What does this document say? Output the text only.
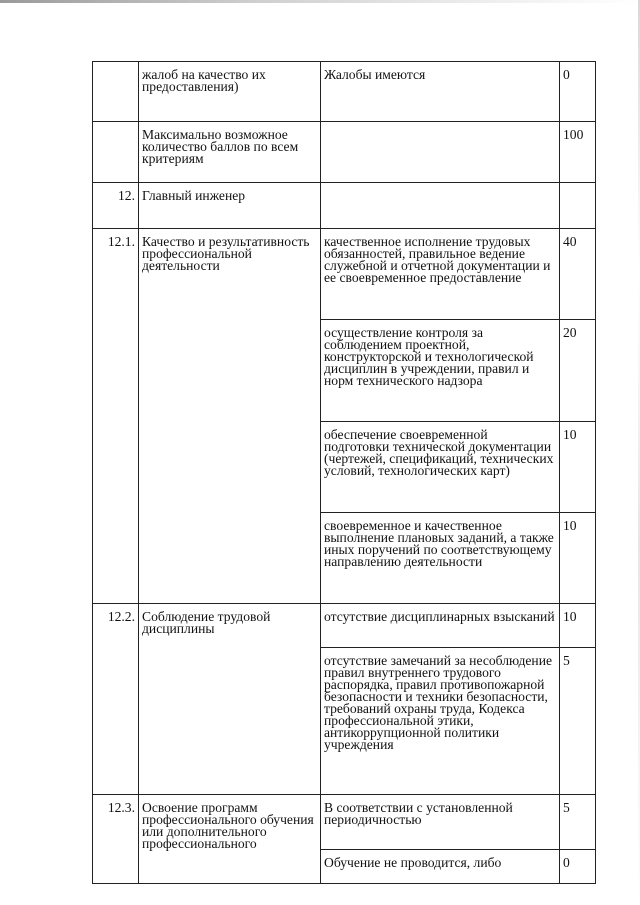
	жалоб на качество их предоставления)	Жалобы имеются	0
	Максимально возможное количество баллов по всем критериям		100
12.	Главный инженер		
12.1.	Качество и результативность профессиональной деятельности	качественное исполнение трудовых обязанностей, правильное ведение служебной и отчетной документации и ее своевременное предоставление	40
		осуществление контроля за соблюдением проектной, конструкторской и технологической дисциплин в учреждении, правил и норм технического надзора	20
		обеспечение своевременной подготовки технической документации (чертежей, спецификаций, технических условий, технологических карт)	10
		своевременное и качественное выполнение плановых заданий, а также иных поручений по соответствующему направлению деятельности	10
12.2.	Соблюдение трудовой дисциплины	отсутствие дисциплинарных взысканий	10
		отсутствие замечаний за несоблюдение правил внутреннего трудового распорядка, правил противопожарной безопасности и техники безопасности, требований охраны труда, Кодекса профессиональной этики, антикоррупционной политики учреждения	5
12.3.	Освоение программ профессионального обучения или дополнительного профессионального	В соответствии с установленной периодичностью	5
		Обучение не проводится, либо	0
